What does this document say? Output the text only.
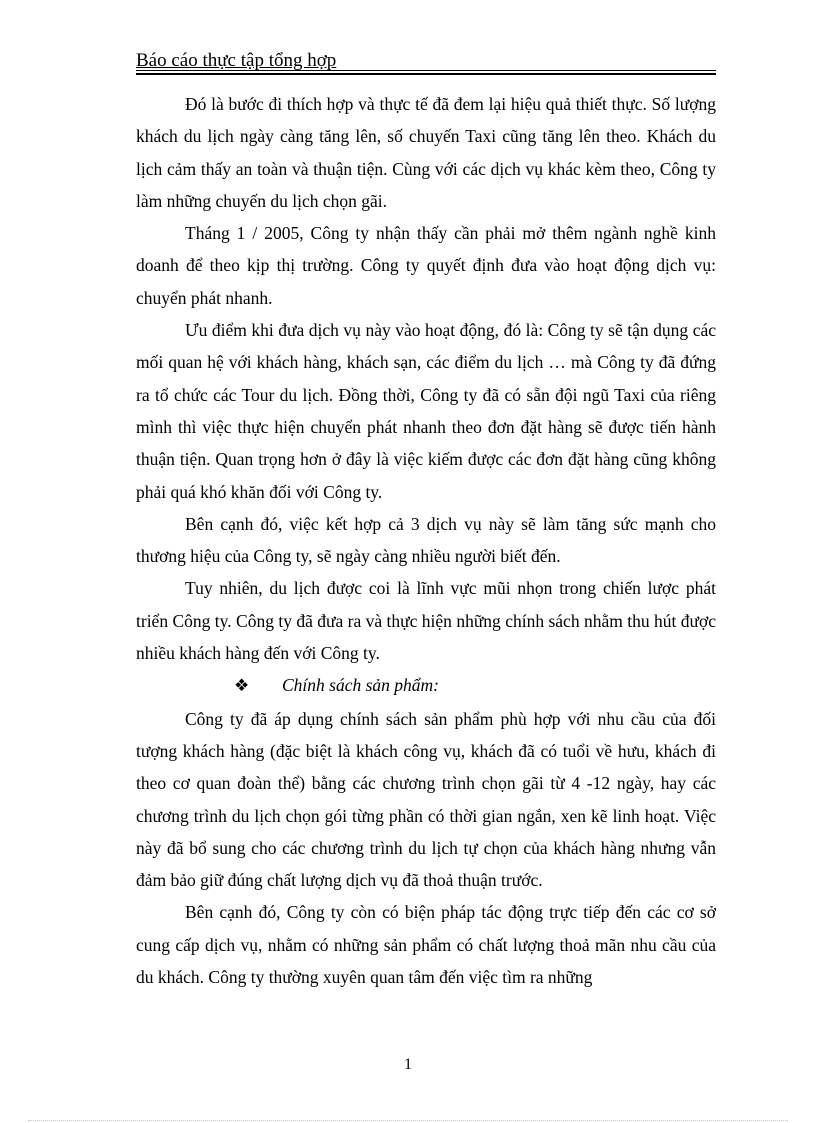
Báo cáo thực tập tổng hợp

Đó là bước đi thích hợp và thực tế đã đem lại hiệu quả thiết thực. Số lượng khách du lịch ngày càng tăng lên, số chuyến Taxi cũng tăng lên theo. Khách du lịch cảm thấy an toàn và thuận tiện. Cùng với các dịch vụ khác kèm theo, Công ty làm những chuyến du lịch chọn gãi.

Tháng 1 / 2005, Công ty nhận thấy cần phải mở thêm ngành nghề kinh doanh để theo kịp thị trường. Công ty quyết định đưa vào hoạt động dịch vụ: chuyển phát nhanh.

Ưu điểm khi đưa dịch vụ này vào hoạt động, đó là: Công ty sẽ tận dụng các mối quan hệ với khách hàng, khách sạn, các điểm du lịch … mà Công ty đã đứng ra tổ chức các Tour du lịch. Đồng thời, Công ty đã có sẵn đội ngũ Taxi của riêng mình thì việc thực hiện chuyển phát nhanh theo đơn đặt hàng sẽ được tiến hành thuận tiện. Quan trọng hơn ở đây là việc kiếm được các đơn đặt hàng cũng không phải quá khó khăn đối với Công ty.

Bên cạnh đó, việc kết hợp cả 3 dịch vụ này sẽ làm tăng sức mạnh cho thương hiệu của Công ty, sẽ ngày càng nhiều người biết đến.

Tuy nhiên, du lịch được coi là lĩnh vực mũi nhọn trong chiến lược phát triển Công ty. Công ty đã đưa ra và thực hiện những chính sách nhằm thu hút được nhiều khách hàng đến với Công ty.

❖ Chính sách sản phẩm:

Công ty đã áp dụng chính sách sản phẩm phù hợp với nhu cầu của đối tượng khách hàng (đặc biệt là khách công vụ, khách đã có tuổi về hưu, khách đi theo cơ quan đoàn thể) bằng các chương trình chọn gãi từ 4 -12 ngày, hay các chương trình du lịch chọn gói từng phần có thời gian ngắn, xen kẽ linh hoạt. Việc này đã bổ sung cho các chương trình du lịch tự chọn của khách hàng nhưng vẫn đảm bảo giữ đúng chất lượng dịch vụ đã thoả thuận trước.

Bên cạnh đó, Công ty còn có biện pháp tác động trực tiếp đến các cơ sở cung cấp dịch vụ, nhằm có những sản phẩm có chất lượng thoả mãn nhu cầu của du khách. Công ty thường xuyên quan tâm đến việc tìm ra những

1
